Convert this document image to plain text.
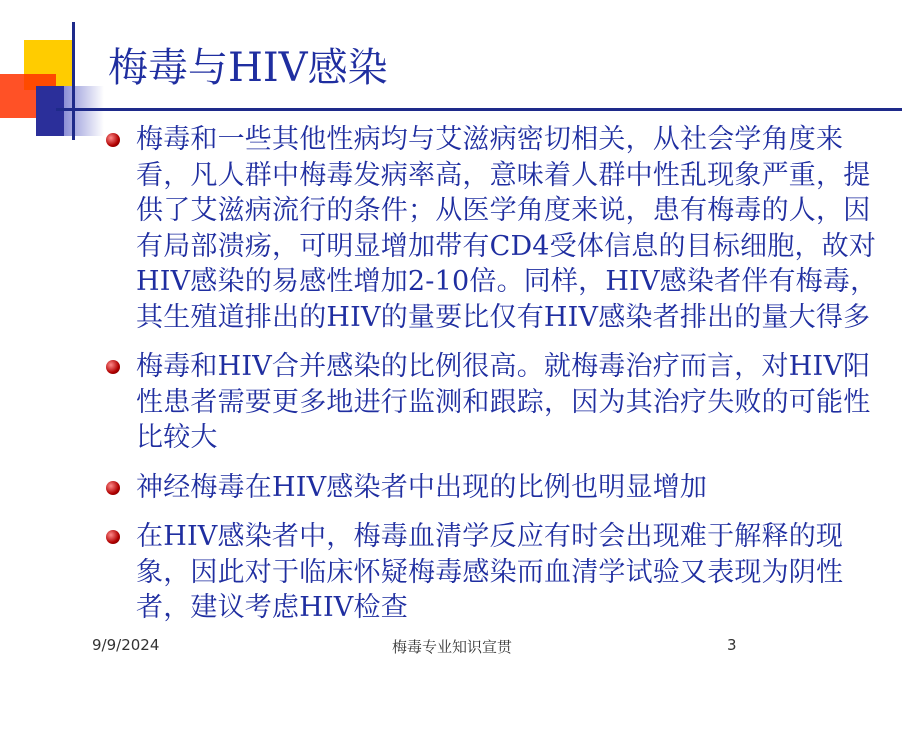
梅毒与HIV感染
梅毒和一些其他性病均与艾滋病密切相关，从社会学角度来看，凡人群中梅毒发病率高，意味着人群中性乱现象严重，提供了艾滋病流行的条件；从医学角度来说，患有梅毒的人，因有局部溃疡，可明显增加带有CD4受体信息的目标细胞，故对HIV感染的易感性增加2-10倍。同样，HIV感染者伴有梅毒，其生殖道排出的HIV的量要比仅有HIV感染者排出的量大得多
梅毒和HIV合并感染的比例很高。就梅毒治疗而言，对HIV阳性患者需要更多地进行监测和跟踪，因为其治疗失败的可能性比较大
神经梅毒在HIV感染者中出现的比例也明显增加
在HIV感染者中，梅毒血清学反应有时会出现难于解释的现象，因此对于临床怀疑梅毒感染而血清学试验又表现为阴性者，建议考虑HIV检查
9/9/2024	梅毒专业知识宣贯	3
